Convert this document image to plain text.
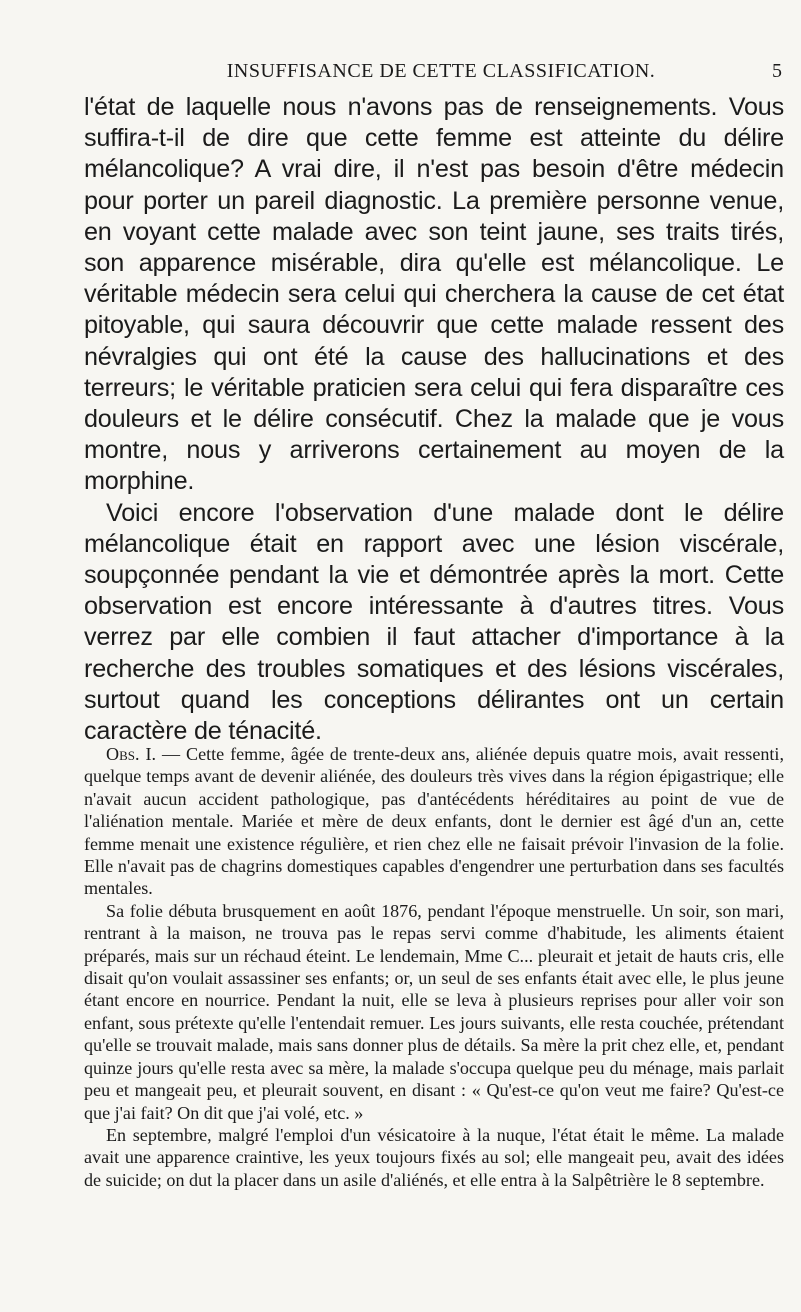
INSUFFISANCE DE CETTE CLASSIFICATION.	5

l'état de laquelle nous n'avons pas de renseignements. Vous suffira-t-il de dire que cette femme est atteinte du délire mélancolique? A vrai dire, il n'est pas besoin d'être médecin pour porter un pareil diagnostic. La première personne venue, en voyant cette malade avec son teint jaune, ses traits tirés, son apparence misérable, dira qu'elle est mélancolique. Le véritable médecin sera celui qui cherchera la cause de cet état pitoyable, qui saura découvrir que cette malade ressent des névralgies qui ont été la cause des hallucinations et des terreurs; le véritable praticien sera celui qui fera disparaître ces douleurs et le délire consécutif. Chez la malade que je vous montre, nous y arriverons certainement au moyen de la morphine.

Voici encore l'observation d'une malade dont le délire mélancolique était en rapport avec une lésion viscérale, soupçonnée pendant la vie et démontrée après la mort. Cette observation est encore intéressante à d'autres titres. Vous verrez par elle combien il faut attacher d'importance à la recherche des troubles somatiques et des lésions viscérales, surtout quand les conceptions délirantes ont un certain caractère de ténacité.

Obs. I. — Cette femme, âgée de trente-deux ans, aliénée depuis quatre mois, avait ressenti, quelque temps avant de devenir aliénée, des douleurs très vives dans la région épigastrique; elle n'avait aucun accident pathologique, pas d'antécédents héréditaires au point de vue de l'aliénation mentale. Mariée et mère de deux enfants, dont le dernier est âgé d'un an, cette femme menait une existence régulière, et rien chez elle ne faisait prévoir l'invasion de la folie. Elle n'avait pas de chagrins domestiques capables d'engendrer une perturbation dans ses facultés mentales.

Sa folie débuta brusquement en août 1876, pendant l'époque menstruelle. Un soir, son mari, rentrant à la maison, ne trouva pas le repas servi comme d'habitude, les aliments étaient préparés, mais sur un réchaud éteint. Le lendemain, Mme C... pleurait et jetait de hauts cris, elle disait qu'on voulait assassiner ses enfants; or, un seul de ses enfants était avec elle, le plus jeune étant encore en nourrice. Pendant la nuit, elle se leva à plusieurs reprises pour aller voir son enfant, sous prétexte qu'elle l'entendait remuer. Les jours suivants, elle resta couchée, prétendant qu'elle se trouvait malade, mais sans donner plus de détails. Sa mère la prit chez elle, et, pendant quinze jours qu'elle resta avec sa mère, la malade s'occupa quelque peu du ménage, mais parlait peu et mangeait peu, et pleurait souvent, en disant : « Qu'est-ce qu'on veut me faire? Qu'est-ce que j'ai fait? On dit que j'ai volé, etc. »

En septembre, malgré l'emploi d'un vésicatoire à la nuque, l'état était le même. La malade avait une apparence craintive, les yeux toujours fixés au sol; elle mangeait peu, avait des idées de suicide; on dut la placer dans un asile d'aliénés, et elle entra à la Salpêtrière le 8 septembre.
